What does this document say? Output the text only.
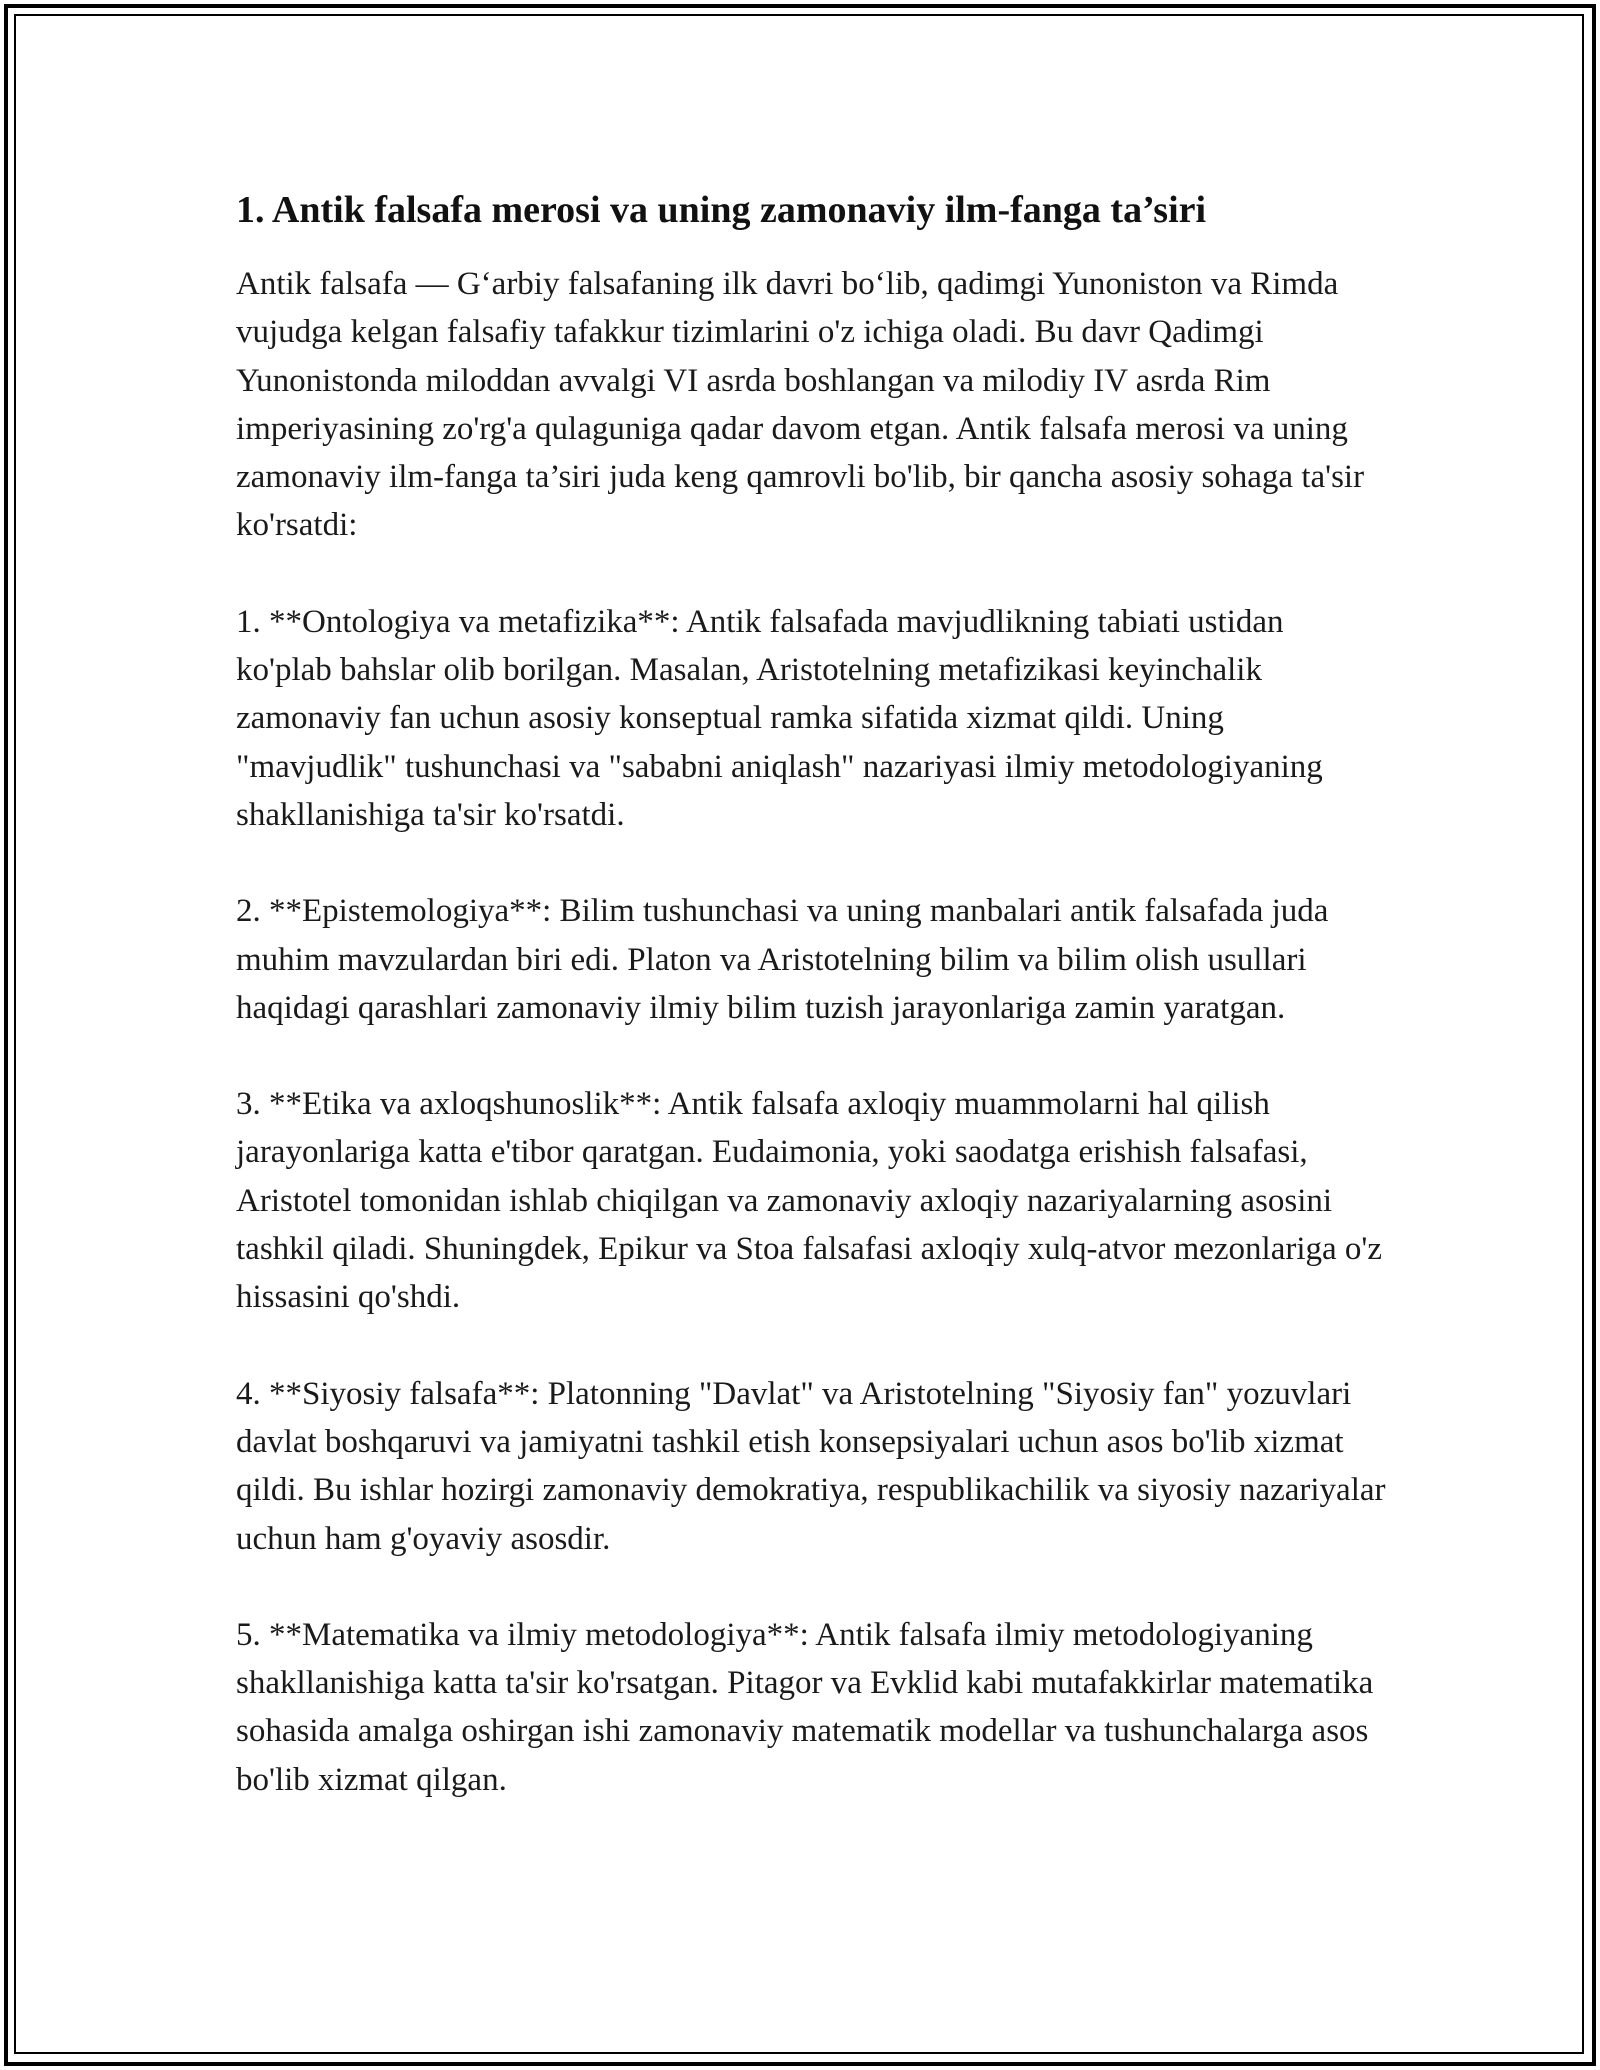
1. Antik falsafa merosi va uning zamonaviy ilm-fanga ta’siri

Antik falsafa — G‘arbiy falsafaning ilk davri bo‘lib, qadimgi Yunoniston va Rimda vujudga kelgan falsafiy tafakkur tizimlarini o'z ichiga oladi. Bu davr Qadimgi Yunonistonda miloddan avvalgi VI asrda boshlangan va milodiy IV asrda Rim imperiyasining zo'rg'a qulaguniga qadar davom etgan. Antik falsafa merosi va uning zamonaviy ilm-fanga ta’siri juda keng qamrovli bo'lib, bir qancha asosiy sohaga ta'sir ko'rsatdi:

1. **Ontologiya va metafizika**: Antik falsafada mavjudlikning tabiati ustidan ko'plab bahslar olib borilgan. Masalan, Aristotelning metafizikasi keyinchalik zamonaviy fan uchun asosiy konseptual ramka sifatida xizmat qildi. Uning "mavjudlik" tushunchasi va "sababni aniqlash" nazariyasi ilmiy metodologiyaning shakllanishiga ta'sir ko'rsatdi.

2. **Epistemologiya**: Bilim tushunchasi va uning manbalari antik falsafada juda muhim mavzulardan biri edi. Platon va Aristotelning bilim va bilim olish usullari haqidagi qarashlari zamonaviy ilmiy bilim tuzish jarayonlariga zamin yaratgan.

3. **Etika va axloqshunoslik**: Antik falsafa axloqiy muammolarni hal qilish jarayonlariga katta e'tibor qaratgan. Eudaimonia, yoki saodatga erishish falsafasi, Aristotel tomonidan ishlab chiqilgan va zamonaviy axloqiy nazariyalarning asosini tashkil qiladi. Shuningdek, Epikur va Stoa falsafasi axloqiy xulq-atvor mezonlariga o'z hissasini qo'shdi.

4. **Siyosiy falsafa**: Platonning "Davlat" va Aristotelning "Siyosiy fan" yozuvlari davlat boshqaruvi va jamiyatni tashkil etish konsepsiyalari uchun asos bo'lib xizmat qildi. Bu ishlar hozirgi zamonaviy demokratiya, respublikachilik va siyosiy nazariyalar uchun ham g'oyaviy asosdir.

5. **Matematika va ilmiy metodologiya**: Antik falsafa ilmiy metodologiyaning shakllanishiga katta ta'sir ko'rsatgan. Pitagor va Evklid kabi mutafakkirlar matematika sohasida amalga oshirgan ishi zamonaviy matematik modellar va tushunchalarga asos bo'lib xizmat qilgan.
